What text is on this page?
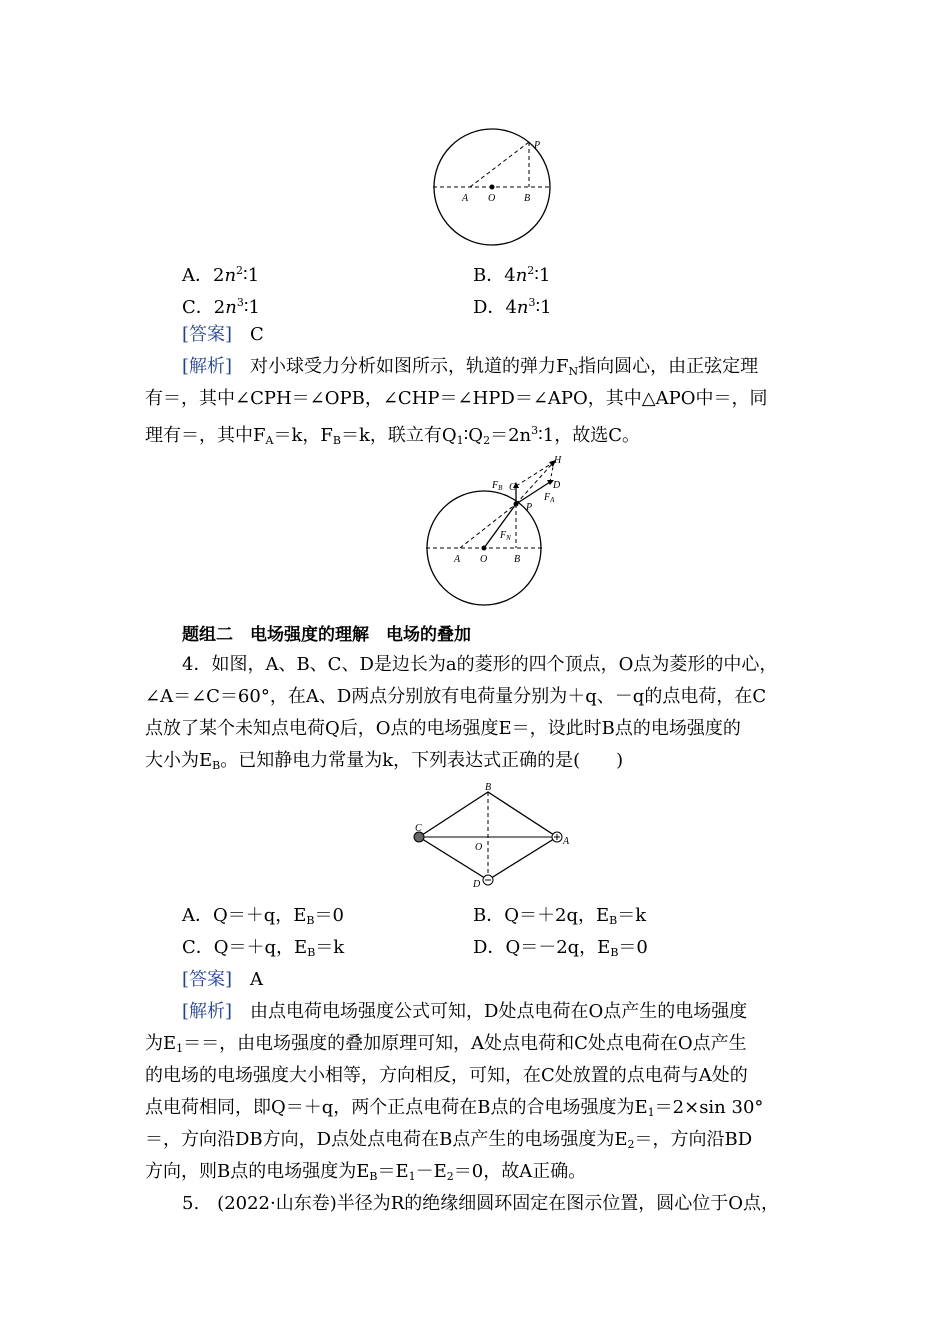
P
A O	B
A．$2n^2∶1$	B．$4n^2∶1$
C．$2n^3∶1$	D．$4n^3∶1$
[答案]　 C
[解析]　 对小球受力分析如图所示，轨道的弹力$F_N$指向圆心，由正弦定理
有＝，其中∠CPH＝∠OPB，∠CHP＝∠HPD＝∠APO，其中△APO中＝，同
理有＝，其中$F_A=k$，$F_B=k$，联立有$Q_1∶Q_2=2n^3∶1$，故选C。
H
$F_B$ C	D
$F_A$
P
$F_N$
A O	B
题组二　电场强度的理解　电场的叠加
4．如图，A、B、C、D是边长为a的菱形的四个顶点，O点为菱形的中心，
∠A＝∠C＝60°，在A、D两点分别放有电荷量分别为＋q、－q的点电荷，在C
点放了某个未知点电荷Q后，O点的电场强度E＝，设此时B点的电场强度的
大小为$E_B$。已知静电力常量为k，下列表达式正确的是(　　)
B
C
O
A
D
A．Q＝＋q，$E_B=0$	B．Q＝＋2q，$E_B=k$
C．Q＝＋q，$E_B=k$	D．Q＝－2q，$E_B=0$
[答案]　 A
[解析]　 由点电荷电场强度公式可知，D处点电荷在O点产生的电场强度
为$E_1==$，由电场强度的叠加原理可知，A处点电荷和C处点电荷在O点产生
的电场的电场强度大小相等，方向相反，可知，在C处放置的点电荷与A处的
点电荷相同，即Q＝＋q，两个正点电荷在B点的合电场强度为$E_1=2\times\sin$ 30°
＝，方向沿DB方向，D点处点电荷在B点产生的电场强度为$E_2=$，方向沿BD
方向，则B点的电场强度为$E_B=E_1-E_2=0$，故A正确。
5.　(2022·山东卷)半径为R的绝缘细圆环固定在图示位置，圆心位于O点，
